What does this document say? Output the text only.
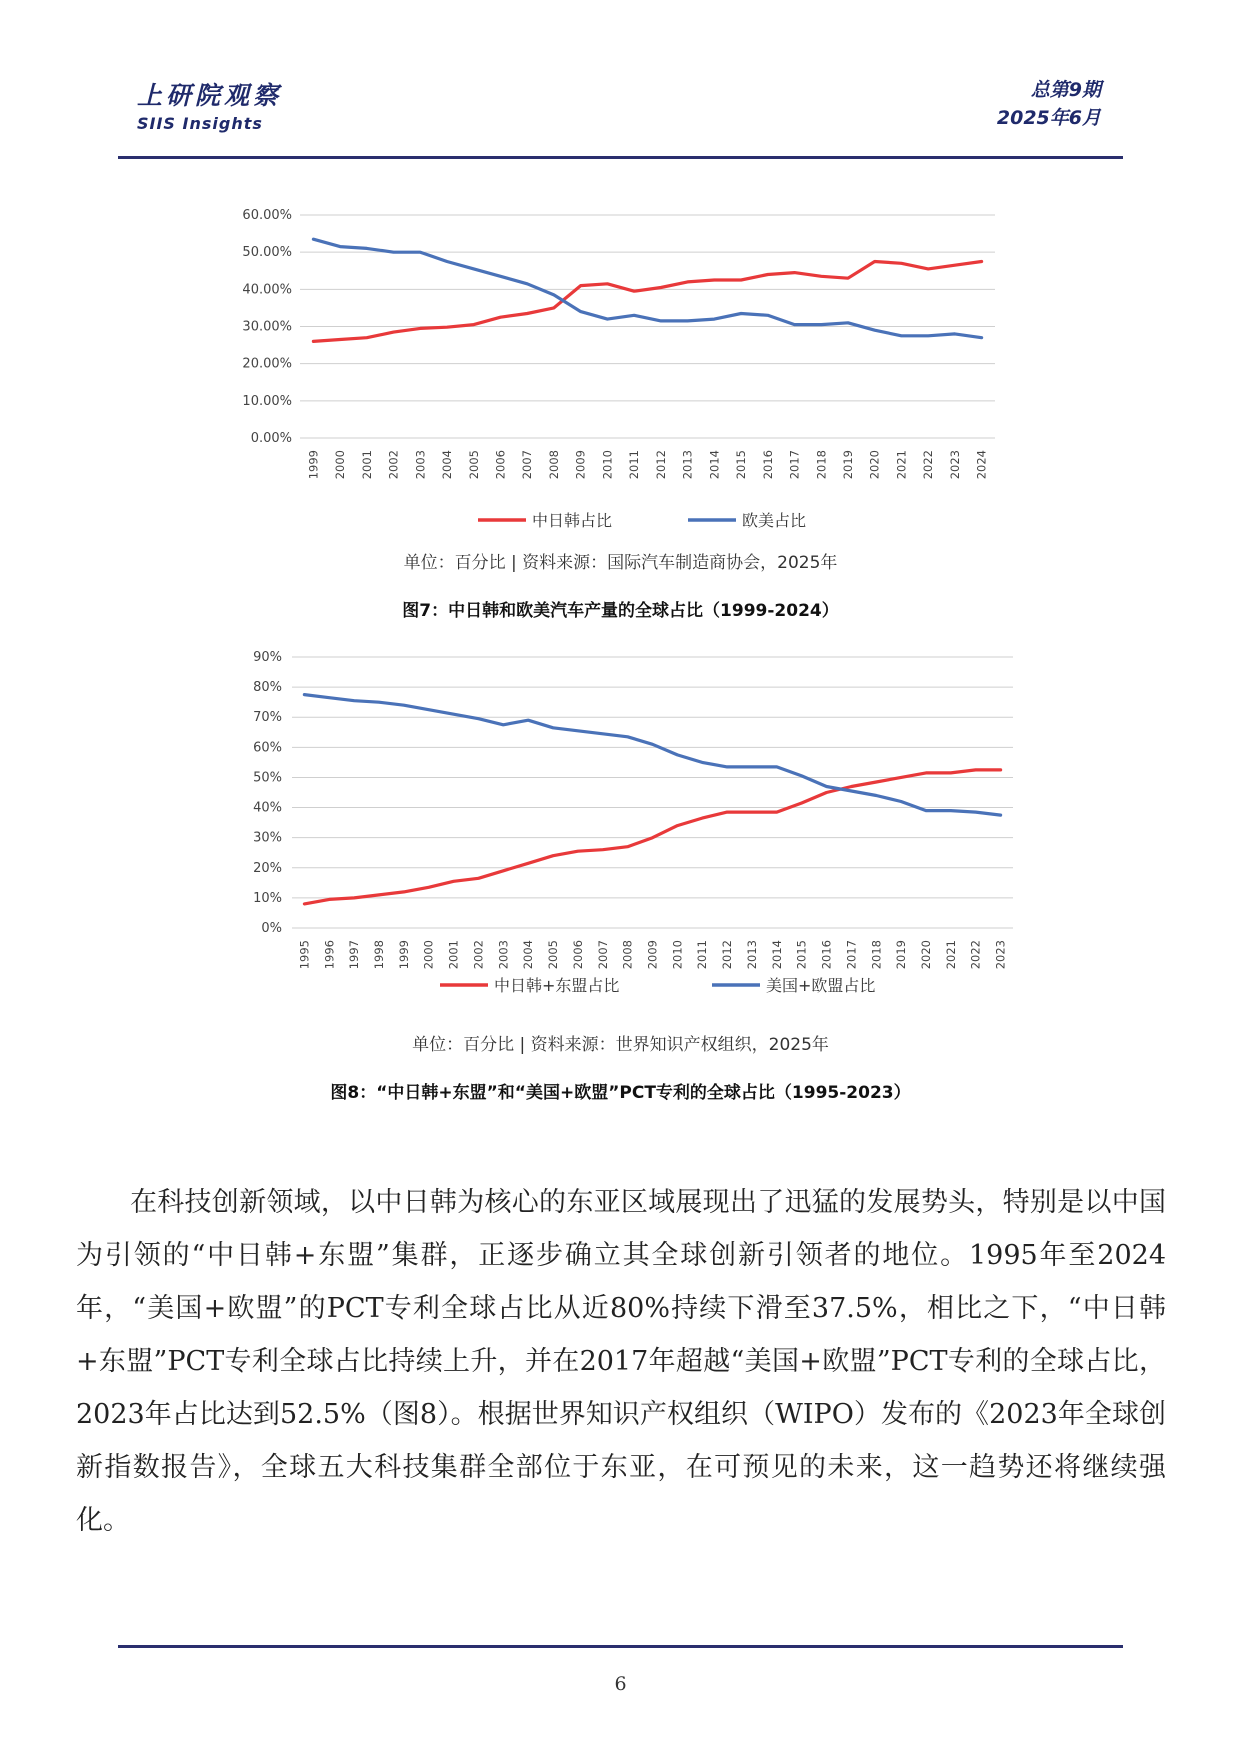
上研院观察
SIIS Insights
总第9期
2025年6月
60.00%
50.00%
40.00%
30.00%
20.00%
10.00%
0.00%
1999 2000 2001 2002 2003 2004 2005 2006 2007 2008 2009 2010 2011 2012 2013 2014 2015 2016 2017 2018 2019 2020 2021 2022 2023 2024
中日韩占比	欧美占比
单位：百分比 | 资料来源：国际汽车制造商协会，2025年
图7：中日韩和欧美汽车产量的全球占比（1999-2024）
90%
80%
70%
60%
50%
40%
30%
20%
10%
0%
1995 1996 1997 1998 1999 2000 2001 2002 2003 2004 2005 2006 2007 2008 2009 2010 2011 2012 2013 2014 2015 2016 2017 2018 2019 2020 2021 2022 2023
中日韩+东盟占比	美国+欧盟占比
单位：百分比 | 资料来源：世界知识产权组织，2025年
图8：“中日韩+东盟”和“美国+欧盟”PCT专利的全球占比（1995-2023）
在科技创新领域，以中日韩为核心的东亚区域展现出了迅猛的发展势头，特别是以中国为引领的“中日韩+东盟”集群，正逐步确立其全球创新引领者的地位。1995年至2024年，“美国+欧盟”的PCT专利全球占比从近80%持续下滑至37.5%，相比之下，“中日韩+东盟”PCT专利全球占比持续上升，并在2017年超越“美国+欧盟”PCT专利的全球占比，2023年占比达到52.5%（图8）。根据世界知识产权组织（WIPO）发布的《2023年全球创新指数报告》，全球五大科技集群全部位于东亚，在可预见的未来，这一趋势还将继续强化。
6
